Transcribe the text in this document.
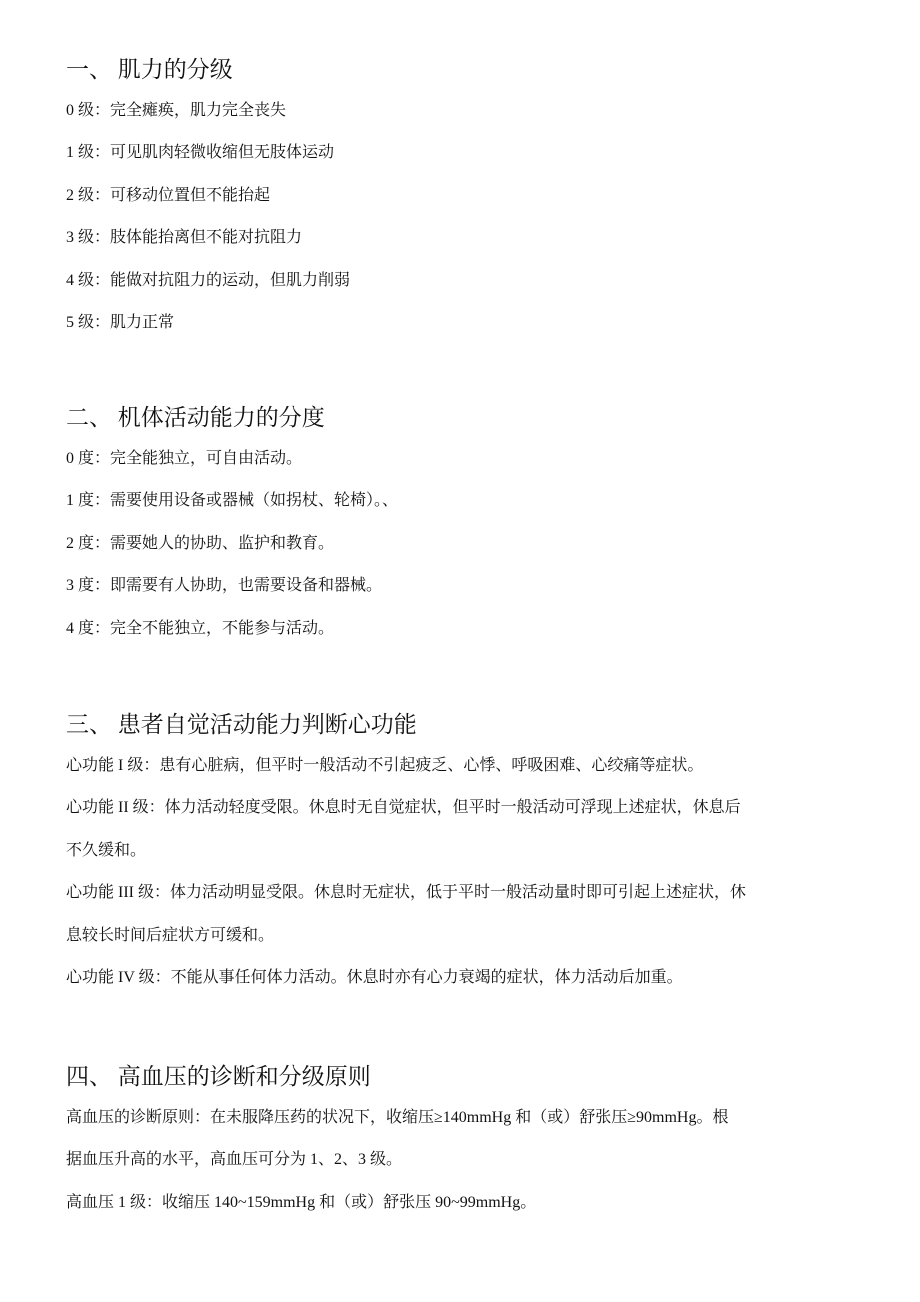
一、 肌力的分级
0 级：完全瘫痪，肌力完全丧失
1 级：可见肌肉轻微收缩但无肢体运动
2 级：可移动位置但不能抬起
3 级：肢体能抬离但不能对抗阻力
4 级：能做对抗阻力的运动，但肌力削弱
5 级：肌力正常
二、 机体活动能力的分度
0 度：完全能独立，可自由活动。
1 度：需要使用设备或器械（如拐杖、轮椅）。、
2 度：需要她人的协助、监护和教育。
3 度：即需要有人协助，也需要设备和器械。
4 度：完全不能独立，不能参与活动。
三、 患者自觉活动能力判断心功能
心功能 I 级：患有心脏病，但平时一般活动不引起疲乏、心悸、呼吸困难、心绞痛等症状。
心功能 II 级：体力活动轻度受限。休息时无自觉症状，但平时一般活动可浮现上述症状，休息后
不久缓和。
心功能 III 级：体力活动明显受限。休息时无症状，低于平时一般活动量时即可引起上述症状，休
息较长时间后症状方可缓和。
心功能 IV 级：不能从事任何体力活动。休息时亦有心力衰竭的症状，体力活动后加重。
四、 高血压的诊断和分级原则
高血压的诊断原则：在未服降压药的状况下，收缩压≥140mmHg 和（或）舒张压≥90mmHg。根
据血压升高的水平，高血压可分为 1、2、3 级。
高血压 1 级：收缩压 140~159mmHg 和（或）舒张压 90~99mmHg。
